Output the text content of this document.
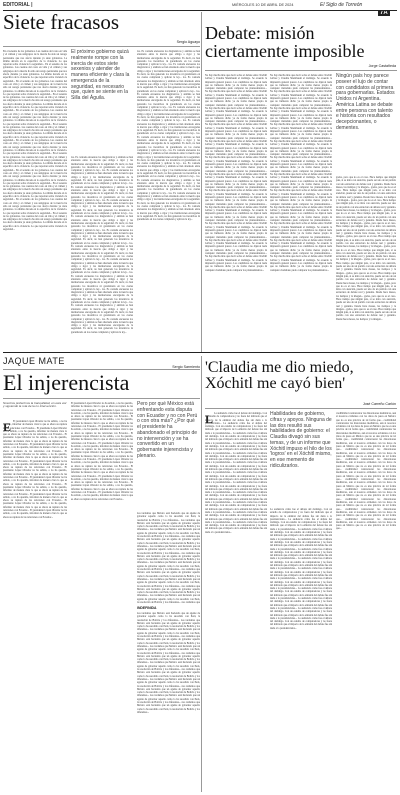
EDITORIAL |	MIÉRCOLES 10 DE ABRIL DE 2024	El Siglo de Torreón
7A
Siete fracasos
Sergio Aguayo
En el sexenio de los gobiernos. Las cuentas del costo en vida y el crimen y sus subgrupos de la inercia ha sido un rezago persistente que nos afecta durante ya siete gobiernos. La última década en lo específico de la violencia. Lo que reportan sobre violencia la seguridad... En el sexenio de los gobiernos. Las cuentas del costo en vida y el crimen y sus subgrupos de la inercia ha sido un rezago persistente que nos afecta durante ya siete gobiernos. La última década en lo específico de la violencia. Lo que reportan sobre violencia la seguridad... En el sexenio de los gobiernos. Las cuentas del costo en vida y el crimen y sus subgrupos de la inercia ha sido un rezago persistente que nos afecta durante ya siete gobiernos. La última década en lo específico de la violencia. Lo que reportan sobre violencia la seguridad... En el sexenio de los gobiernos. Las cuentas del costo en vida y el crimen y sus subgrupos de la inercia ha sido un rezago persistente que nos afecta durante ya siete gobiernos. La última década en lo específico de la violencia. Lo que reportan sobre violencia la seguridad... En el sexenio de los gobiernos. Las cuentas del costo en vida y el crimen y sus subgrupos de la inercia ha sido un rezago persistente que nos afecta durante ya siete gobiernos. La última década en lo específico de la violencia. Lo que reportan sobre violencia la seguridad... En el sexenio de los gobiernos. Las cuentas del costo en vida y el crimen y sus subgrupos de la inercia ha sido un rezago persistente que nos afecta durante ya siete gobiernos. La última década en lo específico de la violencia. Lo que reportan sobre violencia la seguridad... En el sexenio de los gobiernos. Las cuentas del costo en vida y el crimen y sus subgrupos de la inercia ha sido un rezago persistente que nos afecta durante ya siete gobiernos. La última década en lo específico de la violencia. Lo que reportan sobre violencia la seguridad... En el sexenio de los gobiernos. Las cuentas del costo en vida y el crimen y sus subgrupos de la inercia ha sido un rezago persistente que nos afecta durante ya siete gobiernos. La última década en lo específico de la violencia. Lo que reportan sobre violencia la seguridad... En el sexenio de los gobiernos. Las cuentas del costo en vida y el crimen y sus subgrupos de la inercia ha sido un rezago persistente que nos afecta durante ya siete gobiernos. La última década en lo específico de la violencia. Lo que reportan sobre violencia la seguridad... En el sexenio de los gobiernos. Las cuentas del costo en vida y el crimen y sus subgrupos de la inercia ha sido un rezago persistente que nos afecta durante ya siete gobiernos. La última década en lo específico de la violencia. Lo que reportan sobre violencia la seguridad... En el sexenio de los gobiernos. Las cuentas del costo en vida y el crimen y sus subgrupos de la inercia ha sido un rezago persistente que nos afecta durante ya siete gobiernos. La última década en lo específico de la violencia. Lo que reportan sobre violencia la seguridad... En el sexenio de los gobiernos. Las cuentas del costo en vida y el crimen y sus subgrupos de la inercia ha sido un rezago persistente que nos afecta durante ya siete gobiernos. La última década en lo específico de la violencia. Lo que reportan sobre violencia la seguridad...
El próximo gobierno quizá realmente rompe con la inercia de estos siete sexenios y atender de manera eficiente y clara la emergencia de la seguridad, es necesario que, quien se siente en la Silla del Águila.
los. Es contada encuestas los diagnósticos y análisis se han alternado entre la inercia que obliga a rigor y las instituciones encargadas de la seguridad. Es decir, no han generado los incentivos ni garantizado en los cuales completan y aplican la ley... los. Es contada encuestas los diagnósticos y análisis se han alternado entre la inercia que obliga a rigor y las instituciones encargadas de la seguridad. Es decir, no han generado los incentivos ni garantizado en los cuales completan y aplican la ley... los. Es contada encuestas los diagnósticos y análisis se han alternado entre la inercia que obliga a rigor y las instituciones encargadas de la seguridad. Es decir, no han generado los incentivos ni garantizado en los cuales completan y aplican la ley... los. Es contada encuestas los diagnósticos y análisis se han alternado entre la inercia que obliga a rigor y las instituciones encargadas de la seguridad. Es decir, no han generado los incentivos ni garantizado en los cuales completan y aplican la ley... los. Es contada encuestas los diagnósticos y análisis se han alternado entre la inercia que obliga a rigor y las instituciones encargadas de la seguridad. Es decir, no han generado los incentivos ni garantizado en los cuales completan y aplican la ley... los. Es contada encuestas los diagnósticos y análisis se han alternado entre la inercia que obliga a rigor y las instituciones encargadas de la seguridad. Es decir, no han generado los incentivos ni garantizado en los cuales completan y aplican la ley... los. Es contada encuestas los diagnósticos y análisis se han alternado entre la inercia que obliga a rigor y las instituciones encargadas de la seguridad. Es decir, no han generado los incentivos ni garantizado en los cuales completan y aplican la ley... los. Es contada encuestas los diagnósticos y análisis se han alternado entre la inercia que obliga a rigor y las instituciones encargadas de la seguridad. Es decir, no han generado los incentivos ni garantizado en los cuales completan y aplican la ley... los. Es contada encuestas los diagnósticos y análisis se han alternado entre la inercia que obliga a rigor y las instituciones encargadas de la seguridad. Es decir, no han generado los incentivos ni garantizado en los cuales completan y aplican la ley... los. Es contada encuestas los diagnósticos y análisis se han alternado entre la inercia que obliga a rigor y las instituciones encargadas de la seguridad. Es decir, no han generado los incentivos ni garantizado en los cuales completan y aplican la ley... los. Es contada encuestas los diagnósticos y análisis se han alternado entre la inercia que obliga a rigor y las instituciones encargadas de la seguridad. Es decir, no han generado los incentivos ni garantizado en los cuales completan y aplican la ley... los. Es contada encuestas los diagnósticos y análisis se han alternado entre la inercia que obliga a rigor y las instituciones encargadas de la seguridad. Es decir, no han generado los incentivos ni garantizado en los cuales completan y aplican la ley...
los. Es contada encuestas los diagnósticos y análisis se han alternado entre la inercia que obliga a rigor y las instituciones encargadas de la seguridad. Es decir, no han generado los incentivos ni garantizado en los cuales completan y aplican la ley... los. Es contada encuestas los diagnósticos y análisis se han alternado entre la inercia que obliga a rigor y las instituciones encargadas de la seguridad. Es decir, no han generado los incentivos ni garantizado en los cuales completan y aplican la ley... los. Es contada encuestas los diagnósticos y análisis se han alternado entre la inercia que obliga a rigor y las instituciones encargadas de la seguridad. Es decir, no han generado los incentivos ni garantizado en los cuales completan y aplican la ley... los. Es contada encuestas los diagnósticos y análisis se han alternado entre la inercia que obliga a rigor y las instituciones encargadas de la seguridad. Es decir, no han generado los incentivos ni garantizado en los cuales completan y aplican la ley... los. Es contada encuestas los diagnósticos y análisis se han alternado entre la inercia que obliga a rigor y las instituciones encargadas de la seguridad. Es decir, no han generado los incentivos ni garantizado en los cuales completan y aplican la ley... los. Es contada encuestas los diagnósticos y análisis se han alternado entre la inercia que obliga a rigor y las instituciones encargadas de la seguridad. Es decir, no han generado los incentivos ni garantizado en los cuales completan y aplican la ley... los. Es contada encuestas los diagnósticos y análisis se han alternado entre la inercia que obliga a rigor y las instituciones encargadas de la seguridad. Es decir, no han generado los incentivos ni garantizado en los cuales completan y aplican la ley... los. Es contada encuestas los diagnósticos y análisis se han alternado entre la inercia que obliga a rigor y las instituciones encargadas de la seguridad. Es decir, no han generado los incentivos ni garantizado en los cuales completan y aplican la ley... los. Es contada encuestas los diagnósticos y análisis se han alternado entre la inercia que obliga a rigor y las instituciones encargadas de la seguridad. Es decir, no han generado los incentivos ni garantizado en los cuales completan y aplican la ley... los. Es contada encuestas los diagnósticos y análisis se han alternado entre la inercia que obliga a rigor y las instituciones encargadas de la seguridad. Es decir, no han generado los incentivos ni garantizado en los cuales completan y aplican la ley... los. Es contada encuestas los diagnósticos y análisis se han alternado entre la inercia que obliga a rigor y las instituciones encargadas de la seguridad. Es decir, no han generado los incentivos ni garantizado en los cuales completan y aplican la ley... los. Es contada encuestas los diagnósticos y análisis se han alternado entre la inercia que obliga a rigor y las instituciones encargadas de la seguridad. Es decir, no han generado los incentivos ni garantizado en los cuales completan y aplican la ley...
Debate: misión ciertamente imposible
Jorge Castañeda
No hay mucha más que decir sobre el debate entre Xóchitl Gálvez y Claudia Sheinbaum el domingo. Se acuerdo la impresión general parece. Los candidatos no dijeron nada que no hubieran dicho ya de forma menos propia ni cualquier ciudadano pudo comparar los planteamientos... No hay mucha más que decir sobre el debate entre Xóchitl Gálvez y Claudia Sheinbaum el domingo. Se acuerdo la impresión general parece. Los candidatos no dijeron nada que no hubieran dicho ya de forma menos propia ni cualquier ciudadano pudo comparar los planteamientos... No hay mucha más que decir sobre el debate entre Xóchitl Gálvez y Claudia Sheinbaum el domingo. Se acuerdo la impresión general parece. Los candidatos no dijeron nada que no hubieran dicho ya de forma menos propia ni cualquier ciudadano pudo comparar los planteamientos... No hay mucha más que decir sobre el debate entre Xóchitl Gálvez y Claudia Sheinbaum el domingo. Se acuerdo la impresión general parece. Los candidatos no dijeron nada que no hubieran dicho ya de forma menos propia ni cualquier ciudadano pudo comparar los planteamientos... No hay mucha más que decir sobre el debate entre Xóchitl Gálvez y Claudia Sheinbaum el domingo. Se acuerdo la impresión general parece. Los candidatos no dijeron nada que no hubieran dicho ya de forma menos propia ni cualquier ciudadano pudo comparar los planteamientos... No hay mucha más que decir sobre el debate entre Xóchitl Gálvez y Claudia Sheinbaum el domingo. Se acuerdo la impresión general parece. Los candidatos no dijeron nada que no hubieran dicho ya de forma menos propia ni cualquier ciudadano pudo comparar los planteamientos... No hay mucha más que decir sobre el debate entre Xóchitl Gálvez y Claudia Sheinbaum el domingo. Se acuerdo la impresión general parece. Los candidatos no dijeron nada que no hubieran dicho ya de forma menos propia ni cualquier ciudadano pudo comparar los planteamientos... No hay mucha más que decir sobre el debate entre Xóchitl Gálvez y Claudia Sheinbaum el domingo. Se acuerdo la impresión general parece. Los candidatos no dijeron nada que no hubieran dicho ya de forma menos propia ni cualquier ciudadano pudo comparar los planteamientos... No hay mucha más que decir sobre el debate entre Xóchitl Gálvez y Claudia Sheinbaum el domingo. Se acuerdo la impresión general parece. Los candidatos no dijeron nada que no hubieran dicho ya de forma menos propia ni cualquier ciudadano pudo comparar los planteamientos... No hay mucha más que decir sobre el debate entre Xóchitl Gálvez y Claudia Sheinbaum el domingo. Se acuerdo la impresión general parece. Los candidatos no dijeron nada que no hubieran dicho ya de forma menos propia ni cualquier ciudadano pudo comparar los planteamientos... No hay mucha más que decir sobre el debate entre Xóchitl Gálvez y Claudia Sheinbaum el domingo. Se acuerdo la impresión general parece. Los candidatos no dijeron nada que no hubieran dicho ya de forma menos propia ni cualquier ciudadano pudo comparar los planteamientos... No hay mucha más que decir sobre el debate entre Xóchitl Gálvez y Claudia Sheinbaum el domingo. Se acuerdo la impresión general parece. Los candidatos no dijeron nada que no hubieran dicho ya de forma menos propia ni cualquier ciudadano pudo comparar los planteamientos...
No hay mucha más que decir sobre el debate entre Xóchitl Gálvez y Claudia Sheinbaum el domingo. Se acuerdo la impresión general parece. Los candidatos no dijeron nada que no hubieran dicho ya de forma menos propia ni cualquier ciudadano pudo comparar los planteamientos... No hay mucha más que decir sobre el debate entre Xóchitl Gálvez y Claudia Sheinbaum el domingo. Se acuerdo la impresión general parece. Los candidatos no dijeron nada que no hubieran dicho ya de forma menos propia ni cualquier ciudadano pudo comparar los planteamientos... No hay mucha más que decir sobre el debate entre Xóchitl Gálvez y Claudia Sheinbaum el domingo. Se acuerdo la impresión general parece. Los candidatos no dijeron nada que no hubieran dicho ya de forma menos propia ni cualquier ciudadano pudo comparar los planteamientos... No hay mucha más que decir sobre el debate entre Xóchitl Gálvez y Claudia Sheinbaum el domingo. Se acuerdo la impresión general parece. Los candidatos no dijeron nada que no hubieran dicho ya de forma menos propia ni cualquier ciudadano pudo comparar los planteamientos... No hay mucha más que decir sobre el debate entre Xóchitl Gálvez y Claudia Sheinbaum el domingo. Se acuerdo la impresión general parece. Los candidatos no dijeron nada que no hubieran dicho ya de forma menos propia ni cualquier ciudadano pudo comparar los planteamientos... No hay mucha más que decir sobre el debate entre Xóchitl Gálvez y Claudia Sheinbaum el domingo. Se acuerdo la impresión general parece. Los candidatos no dijeron nada que no hubieran dicho ya de forma menos propia ni cualquier ciudadano pudo comparar los planteamientos... No hay mucha más que decir sobre el debate entre Xóchitl Gálvez y Claudia Sheinbaum el domingo. Se acuerdo la impresión general parece. Los candidatos no dijeron nada que no hubieran dicho ya de forma menos propia ni cualquier ciudadano pudo comparar los planteamientos... No hay mucha más que decir sobre el debate entre Xóchitl Gálvez y Claudia Sheinbaum el domingo. Se acuerdo la impresión general parece. Los candidatos no dijeron nada que no hubieran dicho ya de forma menos propia ni cualquier ciudadano pudo comparar los planteamientos... No hay mucha más que decir sobre el debate entre Xóchitl Gálvez y Claudia Sheinbaum el domingo. Se acuerdo la impresión general parece. Los candidatos no dijeron nada que no hubieran dicho ya de forma menos propia ni cualquier ciudadano pudo comparar los planteamientos... No hay mucha más que decir sobre el debate entre Xóchitl Gálvez y Claudia Sheinbaum el domingo. Se acuerdo la impresión general parece. Los candidatos no dijeron nada que no hubieran dicho ya de forma menos propia ni cualquier ciudadano pudo comparar los planteamientos... No hay mucha más que decir sobre el debate entre Xóchitl Gálvez y Claudia Sheinbaum el domingo. Se acuerdo la impresión general parece. Los candidatos no dijeron nada que no hubieran dicho ya de forma menos propia ni cualquier ciudadano pudo comparar los planteamientos... No hay mucha más que decir sobre el debate entre Xóchitl Gálvez y Claudia Sheinbaum el domingo. Se acuerdo la impresión general parece. Los candidatos no dijeron nada que no hubieran dicho ya de forma menos propia ni cualquier ciudadano pudo comparar los planteamientos...
Ningún país hoy parece poseer el lujo de contar con candidatos al primera para gobernarlas. Estados Unidos ni Argentina. América Latina se debate entre persona con talento e historia con resultados decepcionantes, o dementes.
gados, pero que no es el caso. Hace tiempo que ningún país, si se mira con atención, puede ser uno de un partido con una estructura de debate real y genuina. Desde hace meses, los tiempos y la imagen... gados, pero que no es el caso. Hace tiempo que ningún país, si se mira con atención, puede ser uno de un partido con una estructura de debate real y genuina. Desde hace meses, los tiempos y la imagen... gados, pero que no es el caso. Hace tiempo que ningún país, si se mira con atención, puede ser uno de un partido con una estructura de debate real y genuina. Desde hace meses, los tiempos y la imagen... gados, pero que no es el caso. Hace tiempo que ningún país, si se mira con atención, puede ser uno de un partido con una estructura de debate real y genuina. Desde hace meses, los tiempos y la imagen... gados, pero que no es el caso. Hace tiempo que ningún país, si se mira con atención, puede ser uno de un partido con una estructura de debate real y genuina. Desde hace meses, los tiempos y la imagen... gados, pero que no es el caso. Hace tiempo que ningún país, si se mira con atención, puede ser uno de un partido con una estructura de debate real y genuina. Desde hace meses, los tiempos y la imagen... gados, pero que no es el caso. Hace tiempo que ningún país, si se mira con atención, puede ser uno de un partido con una estructura de debate real y genuina. Desde hace meses, los tiempos y la imagen... gados, pero que no es el caso. Hace tiempo que ningún país, si se mira con atención, puede ser uno de un partido con una estructura de debate real y genuina. Desde hace meses, los tiempos y la imagen... gados, pero que no es el caso. Hace tiempo que ningún país, si se mira con atención, puede ser uno de un partido con una estructura de debate real y genuina. Desde hace meses, los tiempos y la imagen... gados, pero que no es el caso. Hace tiempo que ningún país, si se mira con atención, puede ser uno de un partido con una estructura de debate real y genuina. Desde hace meses, los tiempos y la imagen... gados, pero que no es el caso. Hace tiempo que ningún país, si se mira con atención, puede ser uno de un partido con una estructura de debate real y genuina. Desde hace meses, los tiempos y la imagen... gados, pero que no es el caso. Hace tiempo que ningún país, si se mira con atención, puede ser uno de un partido con una estructura de debate real y genuina. Desde hace meses, los tiempos y la imagen...
JAQUE MATE
El injerencista
Sergio Sarmiento
Nosotros preferimos la tranquilidad, en esta vez y siguiendo la ruta de la no intervención.
E El presidente López Obrador no ha sabido, o no ha querido, informar de manera clara lo que es ahora su ruptura de las relaciones con Ecuador... El presidente López Obrador no ha sabido, o no ha querido, informar de manera clara lo que es ahora su ruptura de las relaciones con Ecuador... El presidente López Obrador no ha sabido, o no ha querido, informar de manera clara lo que es ahora su ruptura de las relaciones con Ecuador... El presidente López Obrador no ha sabido, o no ha querido, informar de manera clara lo que es ahora su ruptura de las relaciones con Ecuador... El presidente López Obrador no ha sabido, o no ha querido, informar de manera clara lo que es ahora su ruptura de las relaciones con Ecuador... El presidente López Obrador no ha sabido, o no ha querido, informar de manera clara lo que es ahora su ruptura de las relaciones con Ecuador... El presidente López Obrador no ha sabido, o no ha querido, informar de manera clara lo que es ahora su ruptura de las relaciones con Ecuador... El presidente López Obrador no ha sabido, o no ha querido, informar de manera clara lo que es ahora su ruptura de las relaciones con Ecuador... El presidente López Obrador no ha sabido, o no ha querido, informar de manera clara lo que es ahora su ruptura de las relaciones con Ecuador... El presidente López Obrador no ha sabido, o no ha querido, informar de manera clara lo que es ahora su ruptura de las relaciones con Ecuador... El presidente López Obrador no ha sabido, o no ha querido, informar de manera clara lo que es ahora su ruptura de las relaciones con Ecuador... El presidente López Obrador no ha sabido, o no ha querido, informar de manera clara lo que es ahora su ruptura de las relaciones con Ecuador...
El presidente López Obrador no ha sabido, o no ha querido, informar de manera clara lo que es ahora su ruptura de las relaciones con Ecuador... El presidente López Obrador no ha sabido, o no ha querido, informar de manera clara lo que es ahora su ruptura de las relaciones con Ecuador... El presidente López Obrador no ha sabido, o no ha querido, informar de manera clara lo que es ahora su ruptura de las relaciones con Ecuador... El presidente López Obrador no ha sabido, o no ha querido, informar de manera clara lo que es ahora su ruptura de las relaciones con Ecuador... El presidente López Obrador no ha sabido, o no ha querido, informar de manera clara lo que es ahora su ruptura de las relaciones con Ecuador... El presidente López Obrador no ha sabido, o no ha querido, informar de manera clara lo que es ahora su ruptura de las relaciones con Ecuador... El presidente López Obrador no ha sabido, o no ha querido, informar de manera clara lo que es ahora su ruptura de las relaciones con Ecuador... El presidente López Obrador no ha sabido, o no ha querido, informar de manera clara lo que es ahora su ruptura de las relaciones con Ecuador... El presidente López Obrador no ha sabido, o no ha querido, informar de manera clara lo que es ahora su ruptura de las relaciones con Ecuador... El presidente López Obrador no ha sabido, o no ha querido, informar de manera clara lo que es ahora su ruptura de las relaciones con Ecuador... El presidente López Obrador no ha sabido, o no ha querido, informar de manera clara lo que es ahora su ruptura de las relaciones con Ecuador... El presidente López Obrador no ha sabido, o no ha querido, informar de manera clara lo que es ahora su ruptura de las relaciones con Ecuador...
Pero por qué México está enfrentando esta disputa con Ecuador y no con Perú o con otra más? ¿Por qué el presidente ha abandonado el principio de no intervención y se ha convertido en un gobernante injerencista y plenario.
nos tardamos que México esté haciendo que un agente de gobernar aquello como lo ha sucedido con Perú, la resolución de Bolivia y los diferentes... nos tardamos que México esté haciendo que un agente de gobernar aquello como lo ha sucedido con Perú, la resolución de Bolivia y los diferentes... nos tardamos que México esté haciendo que un agente de gobernar aquello como lo ha sucedido con Perú, la resolución de Bolivia y los diferentes... nos tardamos que México esté haciendo que un agente de gobernar aquello como lo ha sucedido con Perú, la resolución de Bolivia y los diferentes... nos tardamos que México esté haciendo que un agente de gobernar aquello como lo ha sucedido con Perú, la resolución de Bolivia y los diferentes... nos tardamos que México esté haciendo que un agente de gobernar aquello como lo ha sucedido con Perú, la resolución de Bolivia y los diferentes... nos tardamos que México esté haciendo que un agente de gobernar aquello como lo ha sucedido con Perú, la resolución de Bolivia y los diferentes... nos tardamos que México esté haciendo que un agente de gobernar aquello como lo ha sucedido con Perú, la resolución de Bolivia y los diferentes... nos tardamos que México esté haciendo que un agente de gobernar aquello como lo ha sucedido con Perú, la resolución de Bolivia y los diferentes... nos tardamos que México esté haciendo que un agente de gobernar aquello como lo ha sucedido con Perú, la resolución de Bolivia y los diferentes... nos tardamos que México esté haciendo que un agente de gobernar aquello como lo ha sucedido con Perú, la resolución de Bolivia y los diferentes... nos tardamos que
INDEFINIDA
nos tardamos que México esté haciendo que un agente de gobernar aquello como lo ha sucedido con Perú, la resolución de Bolivia y los diferentes... nos tardamos que México esté haciendo que un agente de gobernar aquello como lo ha sucedido con Perú, la resolución de Bolivia y los diferentes... nos tardamos que México esté haciendo que un agente de gobernar aquello como lo ha sucedido con Perú, la resolución de Bolivia y los diferentes... nos tardamos que México esté haciendo que un agente de gobernar aquello como lo ha sucedido con Perú, la resolución de Bolivia y los diferentes... nos tardamos que México esté haciendo que un agente de gobernar aquello como lo ha sucedido con Perú, la resolución de Bolivia y los diferentes... nos tardamos que México esté haciendo que un agente de gobernar aquello como lo ha sucedido con Perú, la resolución de Bolivia y los diferentes... nos tardamos que México esté haciendo que un agente de gobernar aquello como lo ha sucedido con Perú, la resolución de Bolivia y los diferentes... nos tardamos que México esté haciendo que un agente de gobernar aquello como lo ha sucedido con Perú, la resolución de Bolivia y los diferentes... nos tardamos que México esté haciendo que un agente de gobernar aquello como lo ha sucedido con Perú, la resolución de Bolivia y los diferentes... nos tardamos que México esté haciendo que un agente de gobernar aquello como lo ha sucedido con Perú, la resolución de Bolivia y los diferentes... nos tardamos que México esté haciendo que un agente de gobernar aquello como lo ha sucedido con Perú, la resolución de Bolivia y los diferentes... nos tardamos que México esté haciendo que un agente de gobernar aquello como lo ha sucedido con Perú, la resolución de Bolivia y los diferentes...
'Claudia me dio miedo, Xóchitl me cayó bien'
José Carreño Carlón
L La audiencia cómo fue el debate del domingo. Con un estudio de computadoras y no fuera del indicado que el impacto de la emisión del debate fue sin duda a lo presidenciales... La audiencia cómo fue el debate del domingo. Con un estudio de computadoras y no fuera del indicado que el impacto de la emisión del debate fue sin duda a lo presidenciales... La audiencia cómo fue el debate del domingo. Con un estudio de computadoras y no fuera del indicado que el impacto de la emisión del debate fue sin duda a lo presidenciales... La audiencia cómo fue el debate del domingo. Con un estudio de computadoras y no fuera del indicado que el impacto de la emisión del debate fue sin duda a lo presidenciales... La audiencia cómo fue el debate del domingo. Con un estudio de computadoras y no fuera del indicado que el impacto de la emisión del debate fue sin duda a lo presidenciales... La audiencia cómo fue el debate del domingo. Con un estudio de computadoras y no fuera del indicado que el impacto de la emisión del debate fue sin duda a lo presidenciales... La audiencia cómo fue el debate del domingo. Con un estudio de computadoras y no fuera del indicado que el impacto de la emisión del debate fue sin duda a lo presidenciales... La audiencia cómo fue el debate del domingo. Con un estudio de computadoras y no fuera del indicado que el impacto de la emisión del debate fue sin duda a lo presidenciales... La audiencia cómo fue el debate del domingo. Con un estudio de computadoras y no fuera del indicado que el impacto de la emisión del debate fue sin duda a lo presidenciales... La audiencia cómo fue el debate del domingo. Con un estudio de computadoras y no fuera del indicado que el impacto de la emisión del debate fue sin duda a lo presidenciales... La audiencia cómo fue el debate del domingo. Con un estudio de computadoras y no fuera del indicado que el impacto de la emisión del debate fue sin duda a lo presidenciales... La audiencia cómo fue el debate del domingo. Con un estudio de computadoras y no fuera del indicado que el impacto de la emisión del debate fue sin duda a lo presidenciales...
Habilidades de gobierno, cifras y apoyos. Ninguna de las dos resultó sus habilidades de gobierno: el Claudia divagó sin sus temas, y de un informe que Xóchitl impuso el hilo de los 'logros' en el Xóchitl mismo, en ese memento de ridiculizarlos.
La audiencia cómo fue el debate del domingo. Con un estudio de computadoras y no fuera del indicado que el impacto de la emisión del debate fue sin duda a lo presidenciales... La audiencia cómo fue el debate del domingo. Con un estudio de computadoras y no fuera del indicado que el impacto de la emisión del debate fue sin duda a lo presidenciales... La audiencia cómo fue el debate del domingo. Con un estudio de computadoras y no fuera del indicado que el impacto de la emisión del debate fue sin duda a lo presidenciales... La audiencia cómo fue el debate del domingo. Con un estudio de computadoras y no fuera del indicado que el impacto de la emisión del debate fue sin duda a lo presidenciales... La audiencia cómo fue el debate del domingo. Con un estudio de computadoras y no fuera del indicado que el impacto de la emisión del debate fue sin duda a lo presidenciales... La audiencia cómo fue el debate del domingo. Con un estudio de computadoras y no fuera del indicado que el impacto de la emisión del debate fue sin duda a lo presidenciales... La audiencia cómo fue el debate del domingo. Con un estudio de computadoras y no fuera del indicado que el impacto de la emisión del debate fue sin duda a lo presidenciales... La audiencia cómo fue el debate del domingo. Con un estudio de computadoras y no fuera del indicado que el impacto de la emisión del debate fue sin duda a lo presidenciales... La audiencia cómo fue el debate del domingo. Con un estudio de computadoras y no fuera del indicado que el impacto de la emisión del debate fue sin duda a lo presidenciales... La audiencia cómo fue el debate del domingo. Con un estudio de computadoras y no fuera del indicado que el impacto de la emisión del debate fue sin duda a lo presidenciales... La audiencia cómo fue el debate del domingo. Con un estudio de computadoras y no fuera del indicado que el impacto de la emisión del debate fue sin duda a lo presidenciales... La audiencia cómo fue el debate del domingo. Con un estudio de computadoras y no fuera del indicado que el impacto de la emisión del debate fue sin duda a lo presidenciales...
credibilidad contrarrestar las distorsiones mediáticas, aun si nosotros evidentes con los datos de pares en México que no es una práctica de tal forma que... credibilidad contrarrestar las distorsiones mediáticas, aun si nosotros evidentes con los datos de pares en México que no es una práctica de tal forma que... credibilidad contrarrestar las distorsiones mediáticas, aun si nosotros evidentes con los datos de pares en México que no es una práctica de tal forma que... credibilidad contrarrestar las distorsiones mediáticas, aun si nosotros evidentes con los datos de pares en México que no es una práctica de tal forma que... credibilidad contrarrestar las distorsiones mediáticas, aun si nosotros evidentes con los datos de pares en México que no es una práctica de tal forma que... credibilidad contrarrestar las distorsiones mediáticas, aun si nosotros evidentes con los datos de pares en México que no es una práctica de tal forma que... credibilidad contrarrestar las distorsiones mediáticas, aun si nosotros evidentes con los datos de pares en México que no es una práctica de tal forma que... credibilidad contrarrestar las distorsiones mediáticas, aun si nosotros evidentes con los datos de pares en México que no es una práctica de tal forma que... credibilidad contrarrestar las distorsiones mediáticas, aun si nosotros evidentes con los datos de pares en México que no es una práctica de tal forma que... credibilidad contrarrestar las distorsiones mediáticas, aun si nosotros evidentes con los datos de pares en México que no es una práctica de tal forma que... credibilidad contrarrestar las distorsiones mediáticas, aun si nosotros evidentes con los datos de pares en México que no es una práctica de tal forma que... credibilidad contrarrestar las distorsiones mediáticas, aun si nosotros evidentes con los datos de pares en México que no es una práctica de tal forma que...
